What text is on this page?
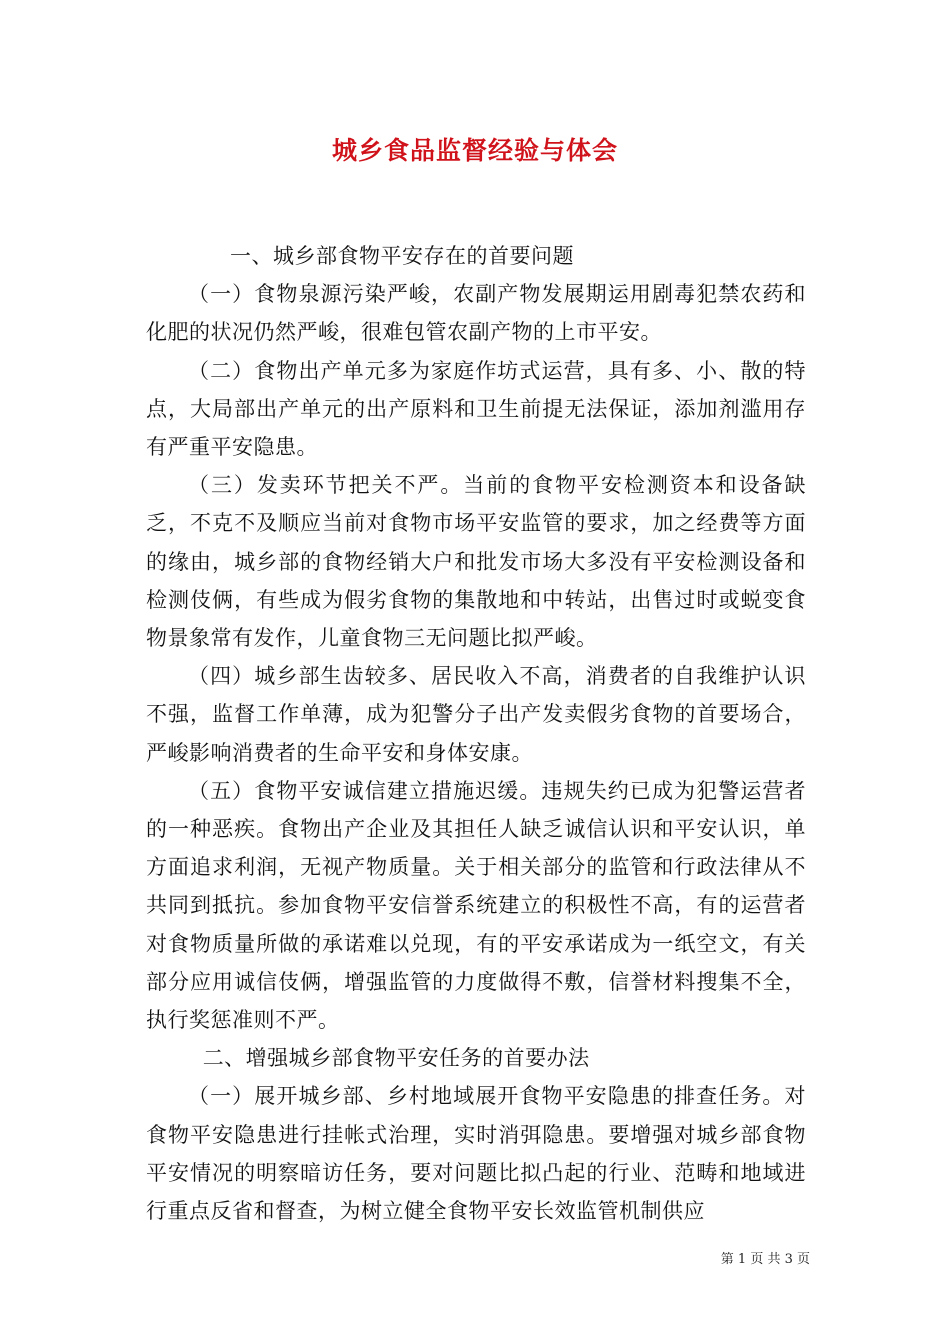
城乡食品监督经验与体会

一、城乡部食物平安存在的首要问题

（一）食物泉源污染严峻，农副产物发展期运用剧毒犯禁农药和化肥的状况仍然严峻，很难包管农副产物的上市平安。

（二）食物出产单元多为家庭作坊式运营，具有多、小、散的特点，大局部出产单元的出产原料和卫生前提无法保证，添加剂滥用存有严重平安隐患。

（三）发卖环节把关不严。当前的食物平安检测资本和设备缺乏，不克不及顺应当前对食物市场平安监管的要求，加之经费等方面的缘由，城乡部的食物经销大户和批发市场大多没有平安检测设备和检测伎俩，有些成为假劣食物的集散地和中转站，出售过时或蜕变食物景象常有发作，儿童食物三无问题比拟严峻。

（四）城乡部生齿较多、居民收入不高，消费者的自我维护认识不强，监督工作单薄，成为犯警分子出产发卖假劣食物的首要场合，严峻影响消费者的生命平安和身体安康。

（五）食物平安诚信建立措施迟缓。违规失约已成为犯警运营者的一种恶疾。食物出产企业及其担任人缺乏诚信认识和平安认识，单方面追求利润，无视产物质量。关于相关部分的监管和行政法律从不共同到抵抗。参加食物平安信誉系统建立的积极性不高，有的运营者对食物质量所做的承诺难以兑现，有的平安承诺成为一纸空文，有关部分应用诚信伎俩，增强监管的力度做得不敷，信誉材料搜集不全，执行奖惩准则不严。

二、增强城乡部食物平安任务的首要办法

（一）展开城乡部、乡村地域展开食物平安隐患的排查任务。对食物平安隐患进行挂帐式治理，实时消弭隐患。要增强对城乡部食物平安情况的明察暗访任务，要对问题比拟凸起的行业、范畴和地域进行重点反省和督查，为树立健全食物平安长效监管机制供应

第 1 页 共 3 页
